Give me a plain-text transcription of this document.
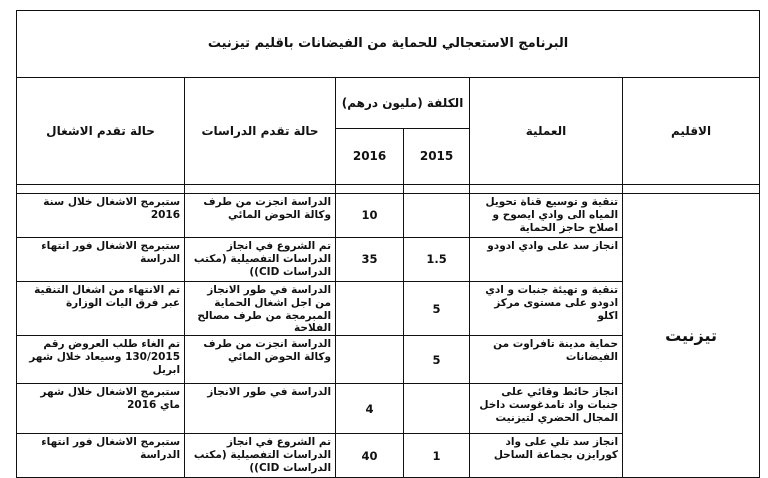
البرنامج الاستعجالي للحماية من الفيضانات باقليم تيزنيت					
الاقليم	العملية	الكلفة (مليون درهم)		حالة تقدم الدراسات	حالة تقدم الاشغال
		2015	2016		

تيزنيت	تنقية و توسيع قناة تحويل المياه الى وادي ايصوح و اصلاح حاجز الحماية		10	الدراسة انجزت من طرف وكالة الحوض المائي	ستبرمج الاشغال خلال سنة 2016
	انجاز سد على وادي ادودو	1.5	35	تم الشروع في انجاز الدراسات التفصيلية (مكتب الدراسات CID))	ستبرمج الاشغال فور انتهاء الدراسة
	تنقية و تهيئة جنبات و ادي ادودو على مستوى مركز اكلو	5		الدراسة في طور الانجاز من اجل اشغال الحماية المبرمجة من طرف مصالح الفلاحة	تم الانتهاء من اشغال التنقية عبر فرق اليات الوزارة
	حماية مدينة تافراوت من الفيضانات	5		الدراسة انجزت من طرف وكالة الحوض المائي	تم الغاء طلب العروض رقم 130/2015 وسيعاد خلال شهر ابريل
	انجاز حائط وقائي على جنبات واد تامدغوست داخل المجال الحضري لتيزنيت		4	الدراسة في طور الانجاز	ستبرمج الاشغال خلال شهر ماي 2016
	انجاز سد تلي على واد كورايزن بجماعة الساحل	1	40	تم الشروع في انجاز الدراسات التفصيلية (مكتب الدراسات CID))	ستبرمج الاشغال فور انتهاء الدراسة
